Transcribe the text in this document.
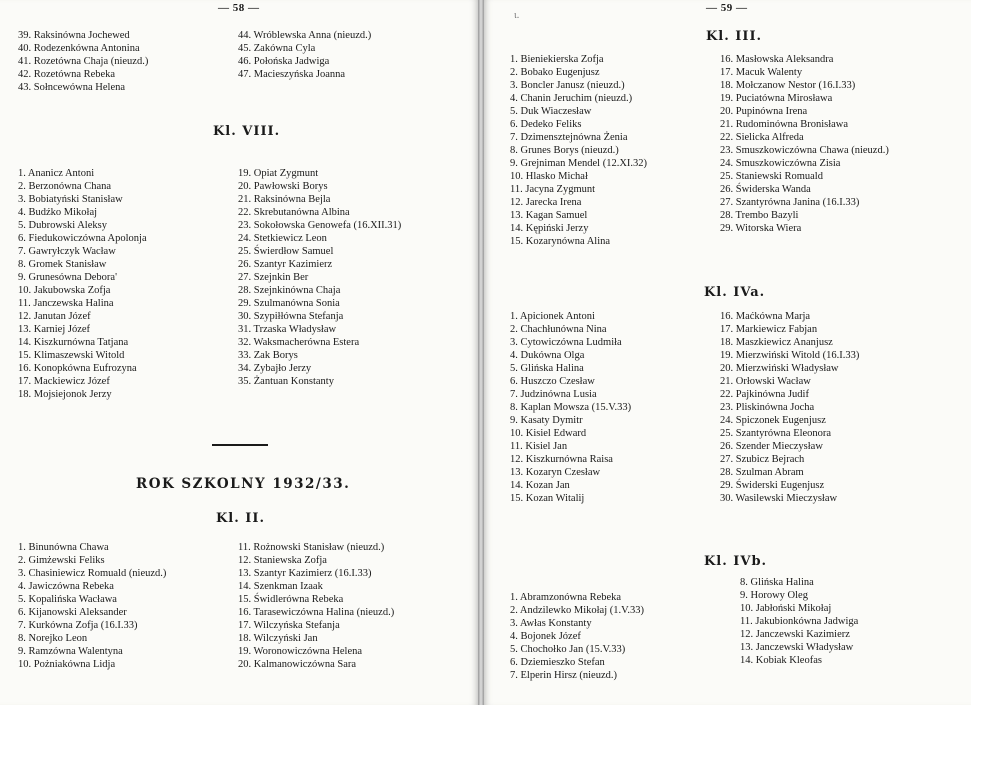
— 58 —
39. Raksinówna Jochewed
40. Rodezenkówna Antonina
41. Rozetówna Chaja (nieuzd.)
42. Rozetówna Rebeka
43. Sołncewówna Helena
44. Wróblewska Anna (nieuzd.)
45. Zakówna Cyla
46. Połońska Jadwiga
47. Macieszyńska Joanna
Kl. VIII.
1. Ananicz Antoni
2. Berzonówna Chana
3. Bobiatyński Stanisław
4. Budźko Mikołaj
5. Dubrowski Aleksy
6. Fiedukowiczówna Apolonja
7. Gawryłczyk Wacław
8. Gromek Stanisław
9. Grunesówna Debora'
10. Jakubowska Zofja
11. Janczewska Halina
12. Janutan Józef
13. Karniej Józef
14. Kiszkurnówna Tatjana
15. Klimaszewski Witold
16. Konopkówna Eufrozyna
17. Mackiewicz Józef
18. Mojsiejonok Jerzy
19. Opiat Zygmunt
20. Pawłowski Borys
21. Raksinówna Bejla
22. Skrebutanówna Albina
23. Sokołowska Genowefa (16.XII.31)
24. Stetkiewicz Leon
25. Świerdłow Samuel
26. Szantyr Kazimierz
27. Szejnkin Ber
28. Szejnkinówna Chaja
29. Szulmanówna Sonia
30. Szypiłłówna Stefanja
31. Trzaska Władysław
32. Waksmacherówna Estera
33. Zak Borys
34. Zybajło Jerzy
35. Żantuan Konstanty
ROK SZKOLNY 1932/33.
Kl. II.
1. Binunówna Chawa
2. Gimżewski Feliks
3. Chasiniewicz Romuald (nieuzd.)
4. Jawiczówna Rebeka
5. Kopalińska Wacława
6. Kijanowski Aleksander
7. Kurkówna Zofja (16.I.33)
8. Norejko Leon
9. Ramzówna Walentyna
10. Pożniakówna Lidja
11. Rożnowski Stanisław (nieuzd.)
12. Staniewska Zofja
13. Szantyr Kazimierz (16.I.33)
14. Szenkman Izaak
15. Świdlerówna Rebeka
16. Tarasewiczówna Halina (nieuzd.)
17. Wilczyńska Stefanja
18. Wilczyński Jan
19. Woronowiczówna Helena
20. Kalmanowiczówna Sara
ι.
— 59 —
Kl. III.
1. Bieniekierska Zofja
2. Bobako Eugenjusz
3. Boncler Janusz (nieuzd.)
4. Chanin Jeruchim (nieuzd.)
5. Duk Wiaczesław
6. Dedeko Feliks
7. Dzimensztejnówna Żenia
8. Grunes Borys (nieuzd.)
9. Grejniman Mendel (12.XI.32)
10. Hlasko Michał
11. Jacyna Zygmunt
12. Jarecka Irena
13. Kagan Samuel
14. Kępiński Jerzy
15. Kozarynówna Alina
16. Masłowska Aleksandra
17. Macuk Walenty
18. Mołczanow Nestor (16.I.33)
19. Puciatówna Mirosława
20. Pupinówna Irena
21. Rudominówna Bronisława
22. Sielicka Alfreda
23. Smuszkowiczówna Chawa (nieuzd.)
24. Smuszkowiczówna Zisia
25. Staniewski Romuald
26. Świderska Wanda
27. Szantyrówna Janina (16.I.33)
28. Trembo Bazyli
29. Witorska Wiera
Kl. IVa.
1. Apicionek Antoni
2. Chachłunówna Nina
3. Cytowiczówna Ludmiła
4. Dukówna Olga
5. Glińska Halina
6. Huszczo Czesław
7. Judzinówna Lusia
8. Kaplan Mowsza (15.V.33)
9. Kasaty Dymitr
10. Kisiel Edward
11. Kisiel Jan
12. Kiszkurnówna Raisa
13. Kozaryn Czesław
14. Kozan Jan
15. Kozan Witalij
16. Maćkówna Marja
17. Markiewicz Fabjan
18. Maszkiewicz Ananjusz
19. Mierzwiński Witold (16.I.33)
20. Mierzwiński Władysław
21. Orłowski Wacław
22. Pajkinówna Judif
23. Pliskinówna Jocha
24. Spiczonek Eugenjusz
25. Szantyrówna Eleonora
26. Szender Mieczysław
27. Szubicz Bejrach
28. Szulman Abram
29. Świderski Eugenjusz
30. Wasilewski Mieczysław
Kl. IVb.
1. Abramzonówna Rebeka
2. Andzilewko Mikołaj (1.V.33)
3. Awłas Konstanty
4. Bojonek Józef
5. Chochołko Jan (15.V.33)
6. Dziemieszko Stefan
7. Elperin Hirsz (nieuzd.)
8. Glińska Halina
9. Horowy Oleg
10. Jabłoński Mikołaj
11. Jakubionkówna Jadwiga
12. Janczewski Kazimierz
13. Janczewski Władysław
14. Kobiak Kleofas
